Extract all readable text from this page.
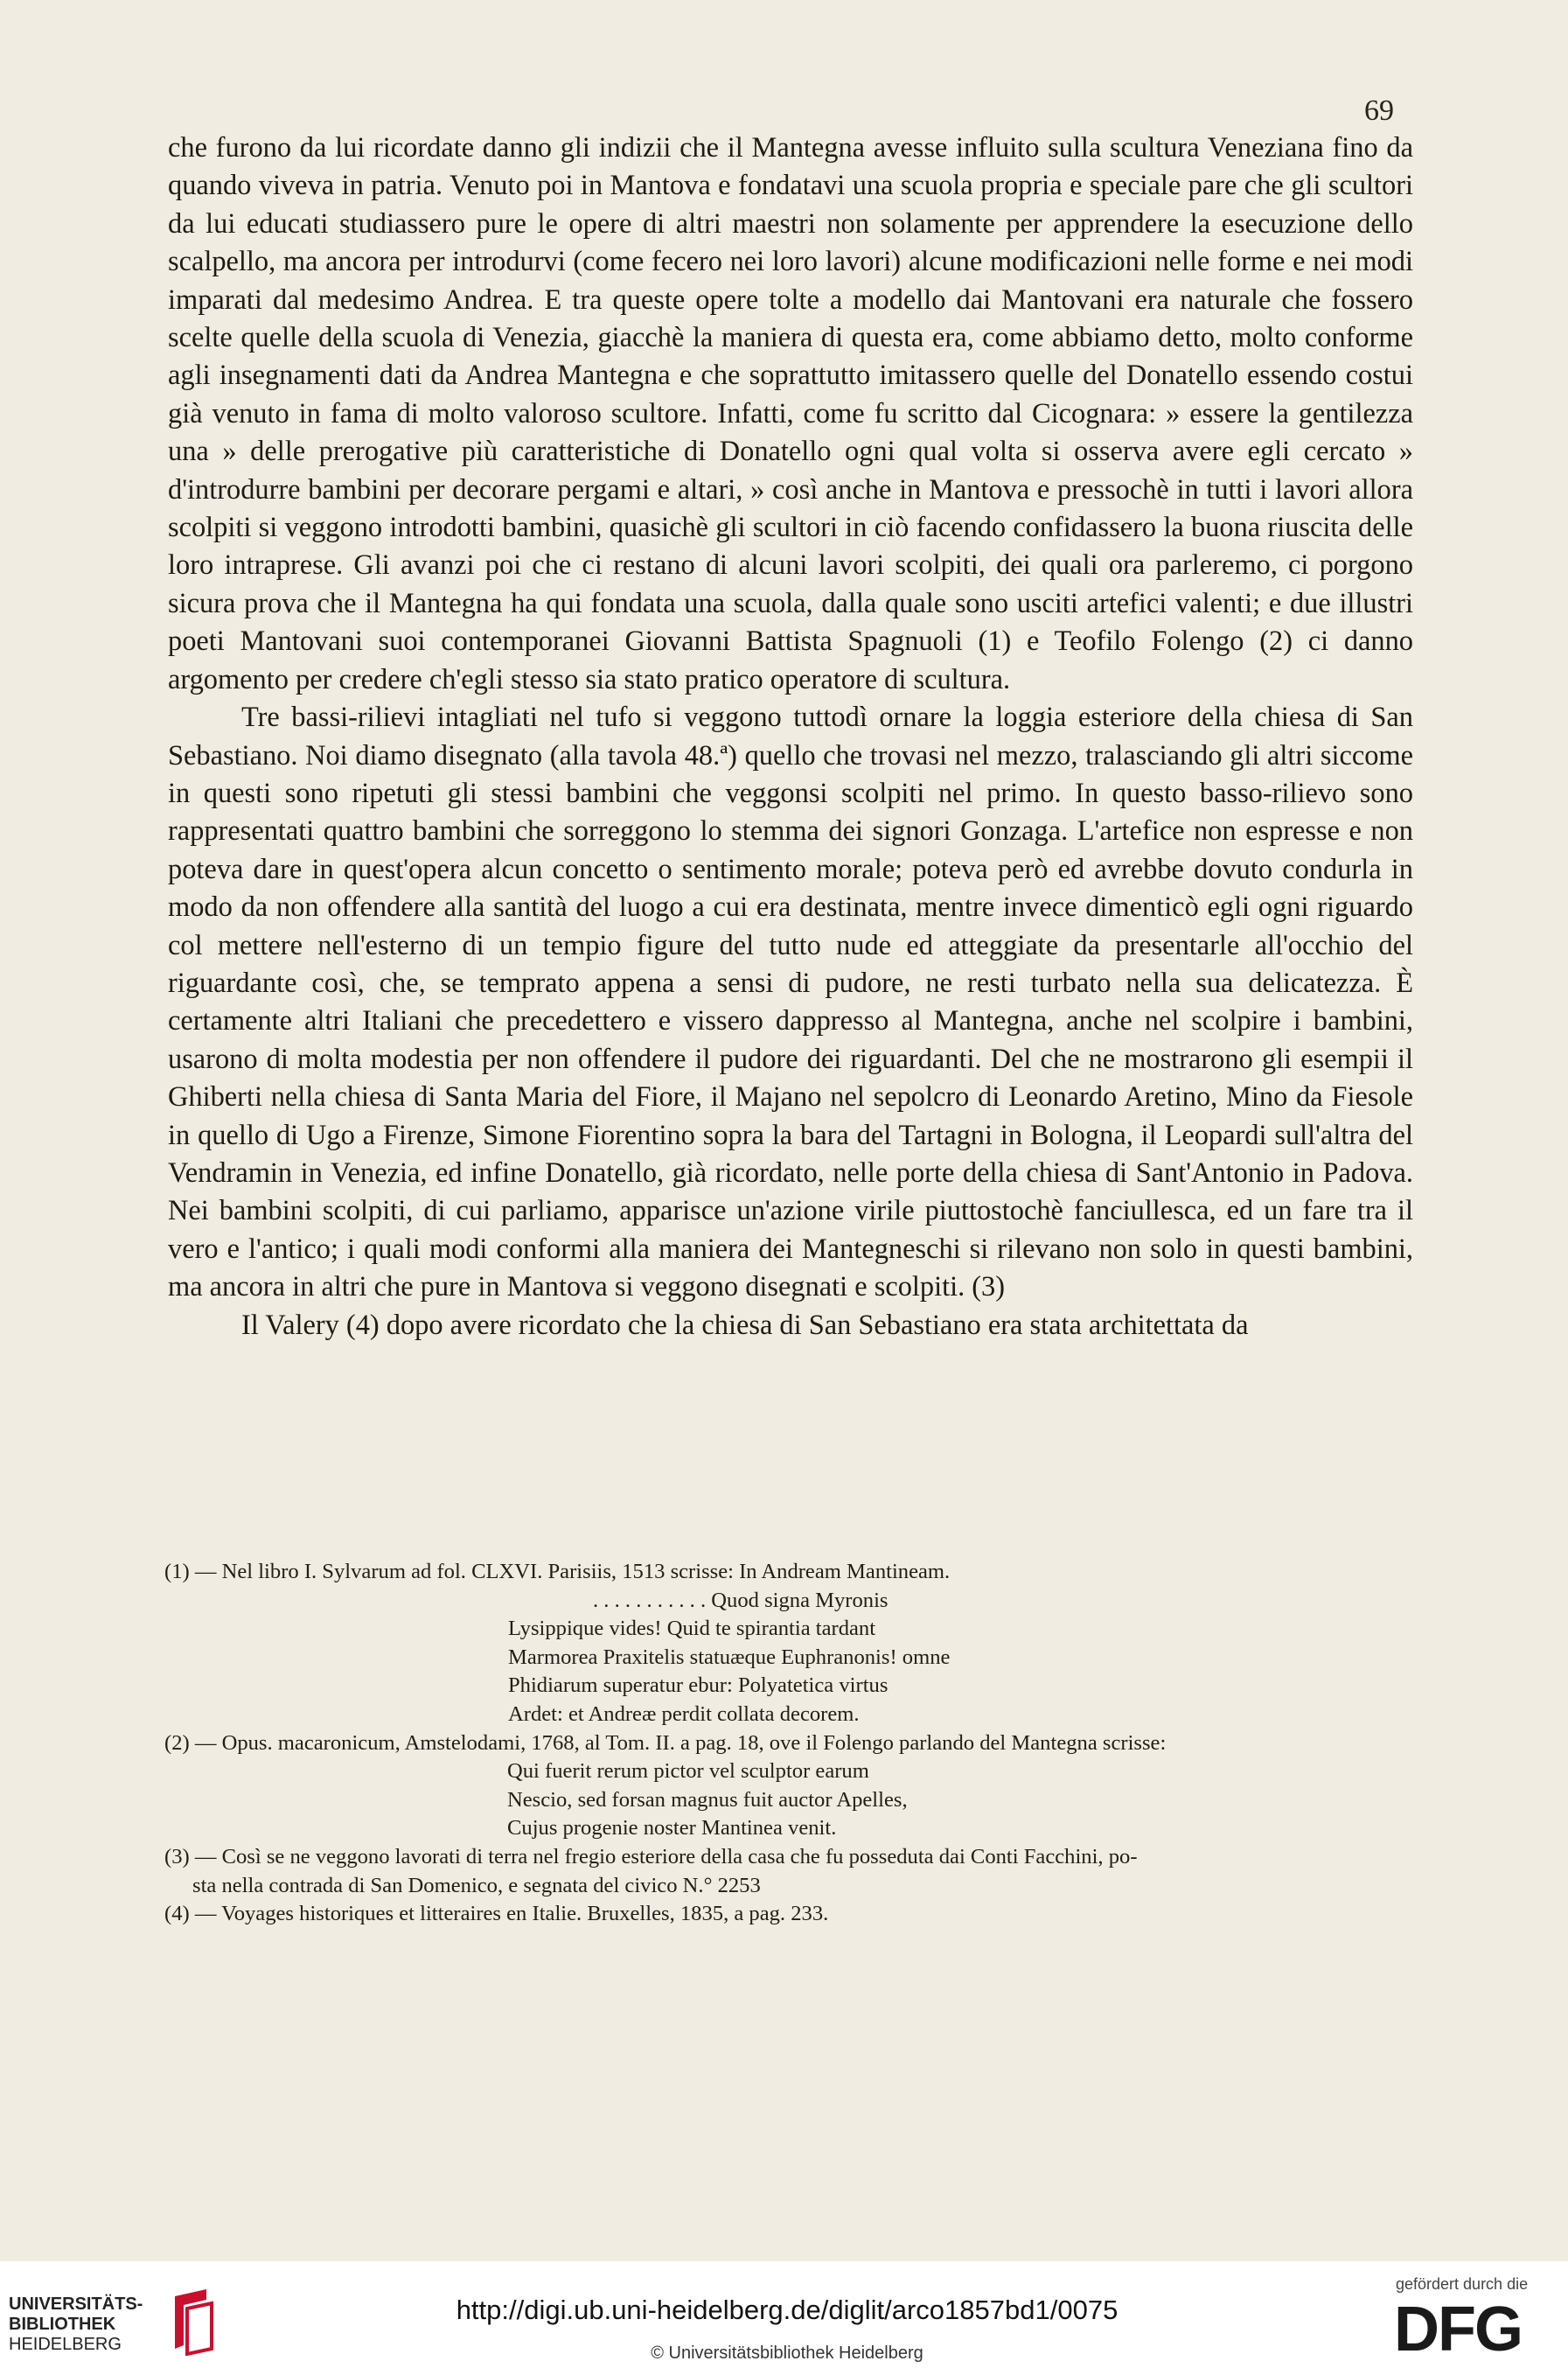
69

che furono da lui ricordate danno gli indizii che il Mantegna avesse influito sulla scultura Veneziana fino da quando viveva in patria. Venuto poi in Mantova e fondatavi una scuola propria e speciale pare che gli scultori da lui educati studiassero pure le opere di altri maestri non solamente per apprendere la esecuzione dello scalpello, ma ancora per introdurvi (come fecero nei loro lavori) alcune modificazioni nelle forme e nei modi imparati dal medesimo Andrea. E tra queste opere tolte a modello dai Mantovani era naturale che fossero scelte quelle della scuola di Venezia, giacchè la maniera di questa era, come abbiamo detto, molto conforme agli insegnamenti dati da Andrea Mantegna e che soprattutto imitassero quelle del Donatello essendo costui già venuto in fama di molto valoroso scultore. Infatti, come fu scritto dal Cicognara: » essere la gentilezza una » delle prerogative più caratteristiche di Donatello ogni qual volta si osserva avere egli cercato » d'introdurre bambini per decorare pergami e altari, » così anche in Mantova e pressochè in tutti i lavori allora scolpiti si veggono introdotti bambini, quasichè gli scultori in ciò facendo confidassero la buona riuscita delle loro intraprese. Gli avanzi poi che ci restano di alcuni lavori scolpiti, dei quali ora parleremo, ci porgono sicura prova che il Mantegna ha qui fondata una scuola, dalla quale sono usciti artefici valenti; e due illustri poeti Mantovani suoi contemporanei Giovanni Battista Spagnuoli (1) e Teofilo Folengo (2) ci danno argomento per credere ch'egli stesso sia stato pratico operatore di scultura.

Tre bassi-rilievi intagliati nel tufo si veggono tuttodì ornare la loggia esteriore della chiesa di San Sebastiano. Noi diamo disegnato (alla tavola 48.ª) quello che trovasi nel mezzo, tralasciando gli altri siccome in questi sono ripetuti gli stessi bambini che veggonsi scolpiti nel primo. In questo basso-rilievo sono rappresentati quattro bambini che sorreggono lo stemma dei signori Gonzaga. L'artefice non espresse e non poteva dare in quest'opera alcun concetto o sentimento morale; poteva però ed avrebbe dovuto condurla in modo da non offendere alla santità del luogo a cui era destinata, mentre invece dimenticò egli ogni riguardo col mettere nell'esterno di un tempio figure del tutto nude ed atteggiate da presentarle all'occhio del riguardante così, che, se temprato appena a sensi di pudore, ne resti turbato nella sua delicatezza. È certamente altri Italiani che precedettero e vissero dappresso al Mantegna, anche nel scolpire i bambini, usarono di molta modestia per non offendere il pudore dei riguardanti. Del che ne mostrarono gli esempii il Ghiberti nella chiesa di Santa Maria del Fiore, il Majano nel sepolcro di Leonardo Aretino, Mino da Fiesole in quello di Ugo a Firenze, Simone Fiorentino sopra la bara del Tartagni in Bologna, il Leopardi sull'altra del Vendramin in Venezia, ed infine Donatello, già ricordato, nelle porte della chiesa di Sant'Antonio in Padova. Nei bambini scolpiti, di cui parliamo, apparisce un'azione virile piuttostochè fanciullesca, ed un fare tra il vero e l'antico; i quali modi conformi alla maniera dei Mantegneschi si rilevano non solo in questi bambini, ma ancora in altri che pure in Mantova si veggono disegnati e scolpiti. (3)

Il Valery (4) dopo avere ricordato che la chiesa di San Sebastiano era stata architettata da

(1) — Nel libro I. Sylvarum ad fol. CLXVI. Parisiis, 1513 scrisse: In Andream Mantineam.

. . . . . . . . . . . Quod signa Myronis

Lysippique vides! Quid te spirantia tardant

Marmorea Praxitelis statuæque Euphranonis! omne

Phidiarum superatur ebur: Polyatetica virtus

Ardet: et Andreæ perdit collata decorem.

(2) — Opus. macaronicum, Amstelodami, 1768, al Tom. II. a pag. 18, ove il Folengo parlando del Mantegna scrisse:

Qui fuerit rerum pictor vel sculptor earum

Nescio, sed forsan magnus fuit auctor Apelles,

Cujus progenie noster Mantinea venit.

(3) — Così se ne veggono lavorati di terra nel fregio esteriore della casa che fu posseduta dai Conti Facchini, po-

sta nella contrada di San Domenico, e segnata del civico N.° 2253

(4) — Voyages historiques et litteraires en Italie. Bruxelles, 1835, a pag. 233.

UNIVERSITÄTS-
BIBLIOTHEK
HEIDELBERG
http://digi.ub.uni-heidelberg.de/diglit/arco1857bd1/0075
© Universitätsbibliothek Heidelberg
gefördert durch die
DFG
